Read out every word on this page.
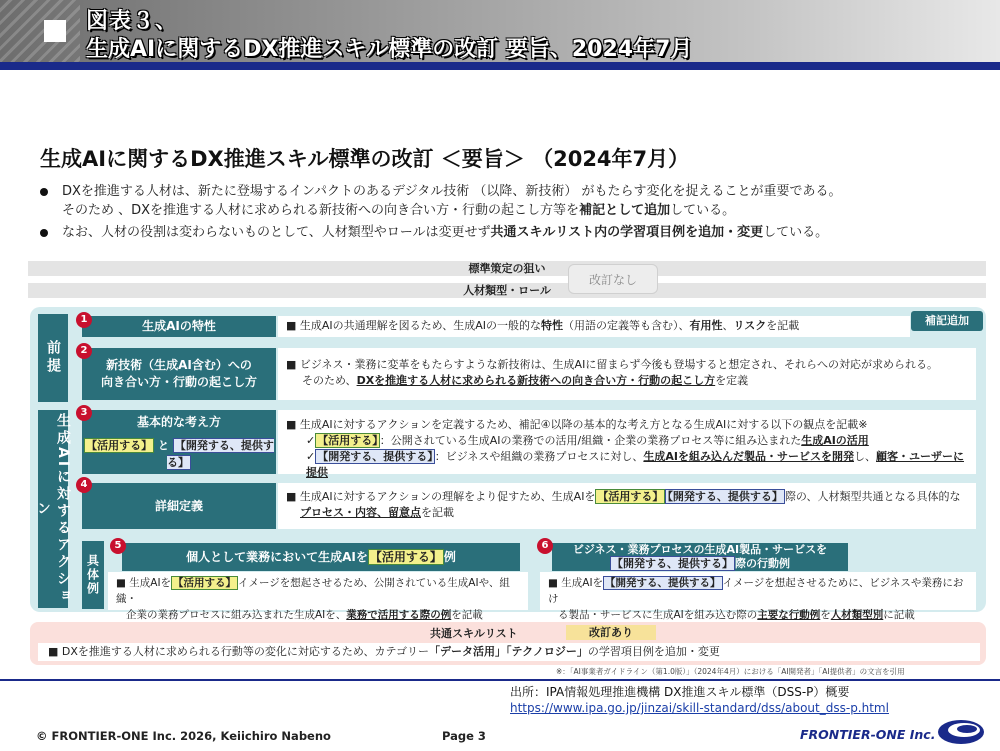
図表３、
生成AIに関するDX推進スキル標準の改訂 要旨、2024年7月
生成AIに関するDX推進スキル標準の改訂 ＜要旨＞ （2024年7月）
DXを推進する人材は、新たに登場するインパクトのあるデジタル技術 （以降、新技術） がもたらす変化を捉えることが重要である。
そのため 、DXを推進する人材に求められる新技術への向き合い方・行動の起こし方等を補記として追加している。
なお、人材の役割は変わらないものとして、人材類型やロールは変更せず共通スキルリスト内の学習項目例を追加・変更している。
標準策定の狙い
人材類型・ロール
改訂なし
補記追加
前提
生成AIに対するアクション
具体例
生成AIの特性
1	■ 生成AIの共通理解を図るため、生成AIの一般的な特性（用語の定義等も含む）、有用性、リスクを記載
新技術（生成AI含む）への
向き合い方・行動の起こし方
2
■ ビジネス・業務に変革をもたらすような新技術は、生成AIに留まらず今後も登場すると想定され、それらへの対応が求められる。
そのため、DXを推進する人材に求められる新技術への向き合い方・行動の起こし方を定義
基本的な考え方
【活用する】 と 【開発する、提供する】
3
■ 生成AIに対するアクションを定義するため、補記④以降の基本的な考え方となる生成AIに対する以下の観点を記載※
✓ 【活用する】 ：公開されている生成AIの業務での活用/組織・企業の業務プロセス等に組み込まれた生成AIの活用
✓ 【開発する、提供する】 ：ビジネスや組織の業務プロセスに対し、生成AIを組み込んだ製品・サービスを開発し、顧客・ユーザーに提供
詳細定義
4
■ 生成AIに対するアクションの理解をより促すため、生成AIを 【活用する】 【開発する、提供する】 際の、人材類型共通となる具体的な
プロセス・内容、留意点を記載
個人として業務において生成AIを 【活用する】 例
5
■ 生成AIを 【活用する】 イメージを想起させるため、公開されている生成AIや、組織・
企業の業務プロセスに組み込まれた生成AIを、業務で活用する際の例を記載
ビジネス・業務プロセスの生成AI製品・サービスを
【開発する、提供する】 際の行動例
6
■ 生成AIを 【開発する、提供する】 イメージを想起させるために、ビジネスや業務におけ
る製品・サービスに生成AIを組み込む際の主要な行動例を人材類型別に記載
共通スキルリスト	改訂あり
■ DXを推進する人材に求められる行動等の変化に対応するため、カテゴリー「データ活用」「テクノロジー」の学習項目例を追加・変更
※：「AI事業者ガイドライン（第1.0版）」（2024年4月）における「AI開発者」「AI提供者」の文言を引用
出所：IPA情報処理推進機構 DX推進スキル標準（DSS-P）概要
https://www.ipa.go.jp/jinzai/skill-standard/dss/about_dss-p.html
© FRONTIER-ONE Inc. 2026, Keiichiro Nabeno	Page 3	FRONTIER-ONE Inc.
